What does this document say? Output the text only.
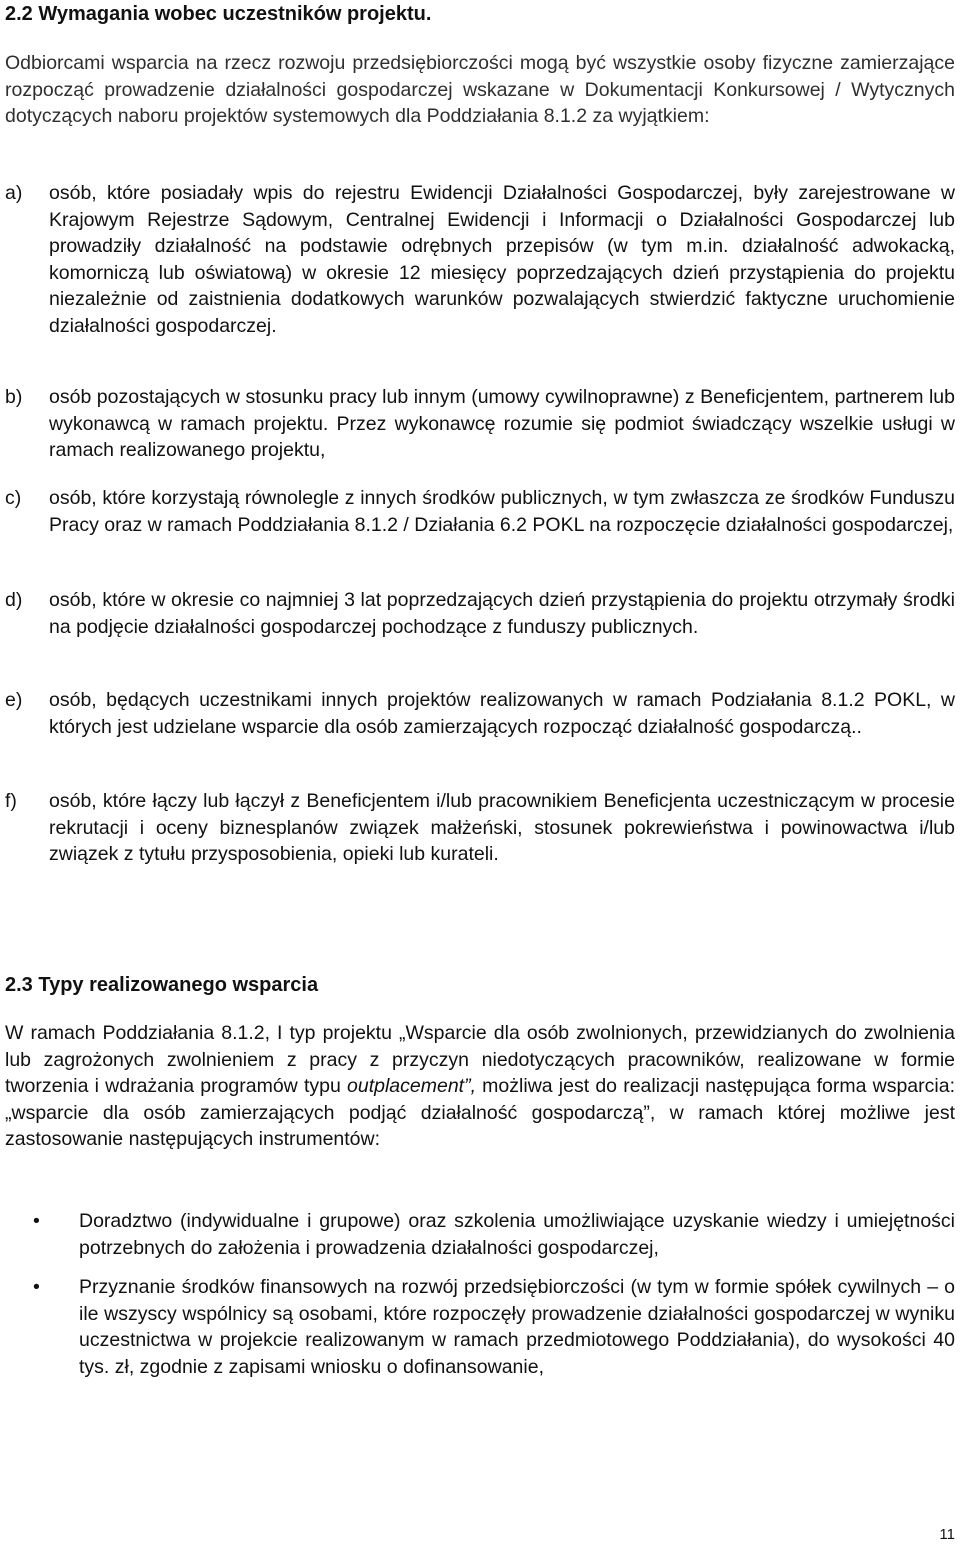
2.2 Wymagania wobec uczestników projektu.

Odbiorcami wsparcia na rzecz rozwoju przedsiębiorczości mogą być wszystkie osoby fizyczne zamierzające rozpocząć prowadzenie działalności gospodarczej wskazane w Dokumentacji Konkursowej / Wytycznych dotyczących naboru projektów systemowych dla Poddziałania 8.1.2 za wyjątkiem:

a)	osób, które posiadały wpis do rejestru Ewidencji Działalności Gospodarczej, były zarejestrowane w Krajowym Rejestrze Sądowym, Centralnej Ewidencji i Informacji o Działalności Gospodarczej lub prowadziły działalność na podstawie odrębnych przepisów (w tym m.in. działalność adwokacką, komorniczą lub oświatową) w okresie 12 miesięcy poprzedzających dzień przystąpienia do projektu niezależnie od zaistnienia dodatkowych warunków pozwalających stwierdzić faktyczne uruchomienie działalności gospodarczej.

b)	osób pozostających w stosunku pracy lub innym (umowy cywilnoprawne) z Beneficjentem, partnerem lub wykonawcą w ramach projektu. Przez wykonawcę rozumie się podmiot świadczący wszelkie usługi w ramach realizowanego projektu,

c)	osób, które korzystają równolegle z innych środków publicznych, w tym zwłaszcza ze środków Funduszu Pracy oraz w ramach Poddziałania 8.1.2 / Działania 6.2 POKL na rozpoczęcie działalności gospodarczej,

d)	osób, które w okresie co najmniej 3 lat poprzedzających dzień przystąpienia do projektu otrzymały środki na podjęcie działalności gospodarczej pochodzące z funduszy publicznych.

e)	osób, będących uczestnikami innych projektów realizowanych w ramach Podziałania 8.1.2 POKL, w których jest udzielane wsparcie dla osób zamierzających rozpocząć działalność gospodarczą..

f)	osób, które łączy lub łączył z Beneficjentem i/lub pracownikiem Beneficjenta uczestniczącym w procesie rekrutacji i oceny biznesplanów związek małżeński, stosunek pokrewieństwa i powinowactwa i/lub związek z tytułu przysposobienia, opieki lub kurateli.

2.3 Typy realizowanego wsparcia

W ramach Poddziałania 8.1.2, I typ projektu „Wsparcie dla osób zwolnionych, przewidzianych do zwolnienia lub zagrożonych zwolnieniem z pracy z przyczyn niedotyczących pracowników, realizowane w formie tworzenia i wdrażania programów typu outplacement”, możliwa jest do realizacji następująca forma wsparcia: „wsparcie dla osób zamierzających podjąć działalność gospodarczą”, w ramach której możliwe jest zastosowanie następujących instrumentów:

•	Doradztwo (indywidualne i grupowe) oraz szkolenia umożliwiające uzyskanie wiedzy i umiejętności potrzebnych do założenia i prowadzenia działalności gospodarczej,

•	Przyznanie środków finansowych na rozwój przedsiębiorczości (w tym w formie spółek cywilnych – o ile wszyscy wspólnicy są osobami, które rozpoczęły prowadzenie działalności gospodarczej w wyniku uczestnictwa w projekcie realizowanym w ramach przedmiotowego Poddziałania), do wysokości 40 tys. zł, zgodnie z zapisami wniosku o dofinansowanie,

11
